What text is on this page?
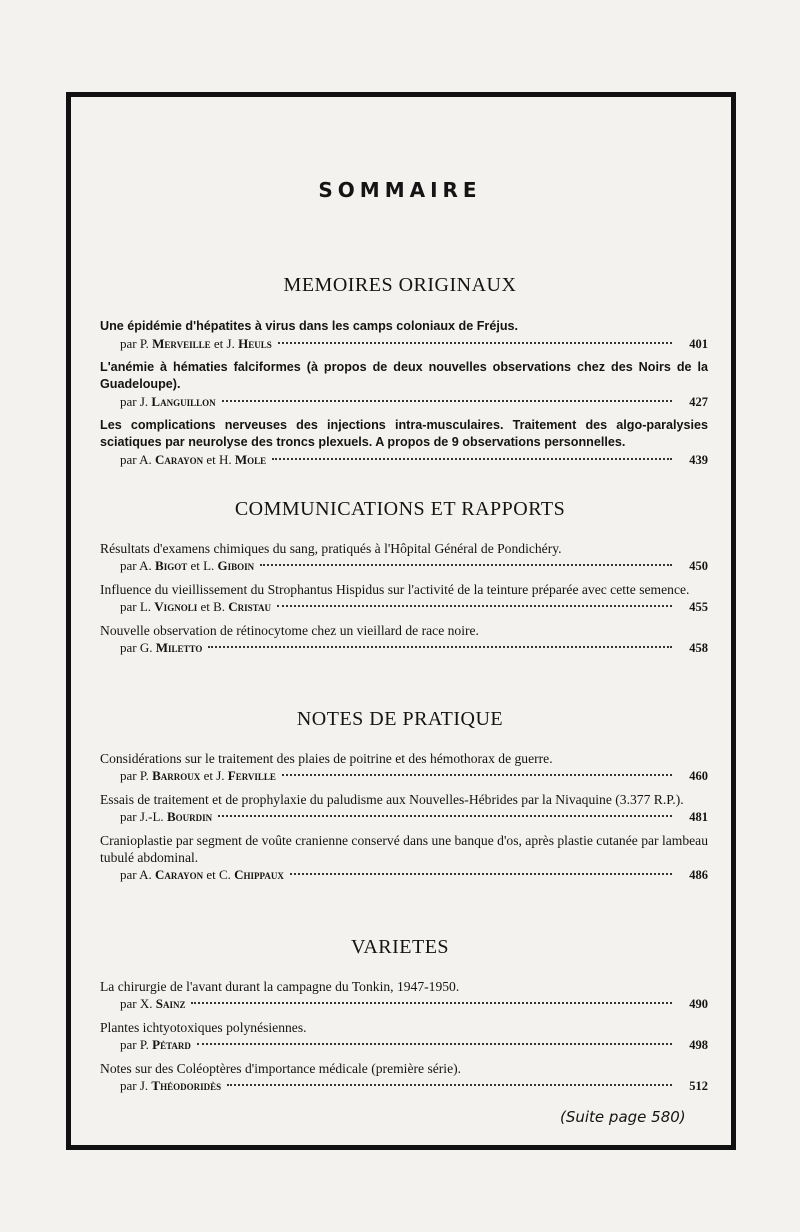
SOMMAIRE
MEMOIRES ORIGINAUX
Une épidémie d'hépatites à virus dans les camps coloniaux de Fréjus.
par P. Merveille et J. Heuls	401
L'anémie à hématies falciformes (à propos de deux nouvelles observations chez des Noirs de la Guadeloupe).
par J. Languillon	427
Les complications nerveuses des injections intra-musculaires. Traitement des algo-paralysies sciatiques par neurolyse des troncs plexuels. A propos de 9 observations personnelles.
par A. Carayon et H. Mole	439
COMMUNICATIONS ET RAPPORTS
Résultats d'examens chimiques du sang, pratiqués à l'Hôpital Général de Pondichéry.
par A. Bigot et L. Giboin	450
Influence du vieillissement du Strophantus Hispidus sur l'activité de la teinture préparée avec cette semence.
par L. Vignoli et B. Cristau	455
Nouvelle observation de rétinocytome chez un vieillard de race noire.
par G. Miletto	458
NOTES DE PRATIQUE
Considérations sur le traitement des plaies de poitrine et des hémothorax de guerre.
par P. Barroux et J. Ferville	460
Essais de traitement et de prophylaxie du paludisme aux Nouvelles-Hébrides par la Nivaquine (3.377 R.P.).
par J.-L. Bourdin	481
Cranioplastie par segment de voûte cranienne conservé dans une banque d'os, après plastie cutanée par lambeau tubulé abdominal.
par A. Carayon et C. Chippaux	486
VARIETES
La chirurgie de l'avant durant la campagne du Tonkin, 1947-1950.
par X. Sainz	490
Plantes ichtyotoxiques polynésiennes.
par P. Pétard	498
Notes sur des Coléoptères d'importance médicale (première série).
par J. Théodoridès	512
(Suite page 580)
